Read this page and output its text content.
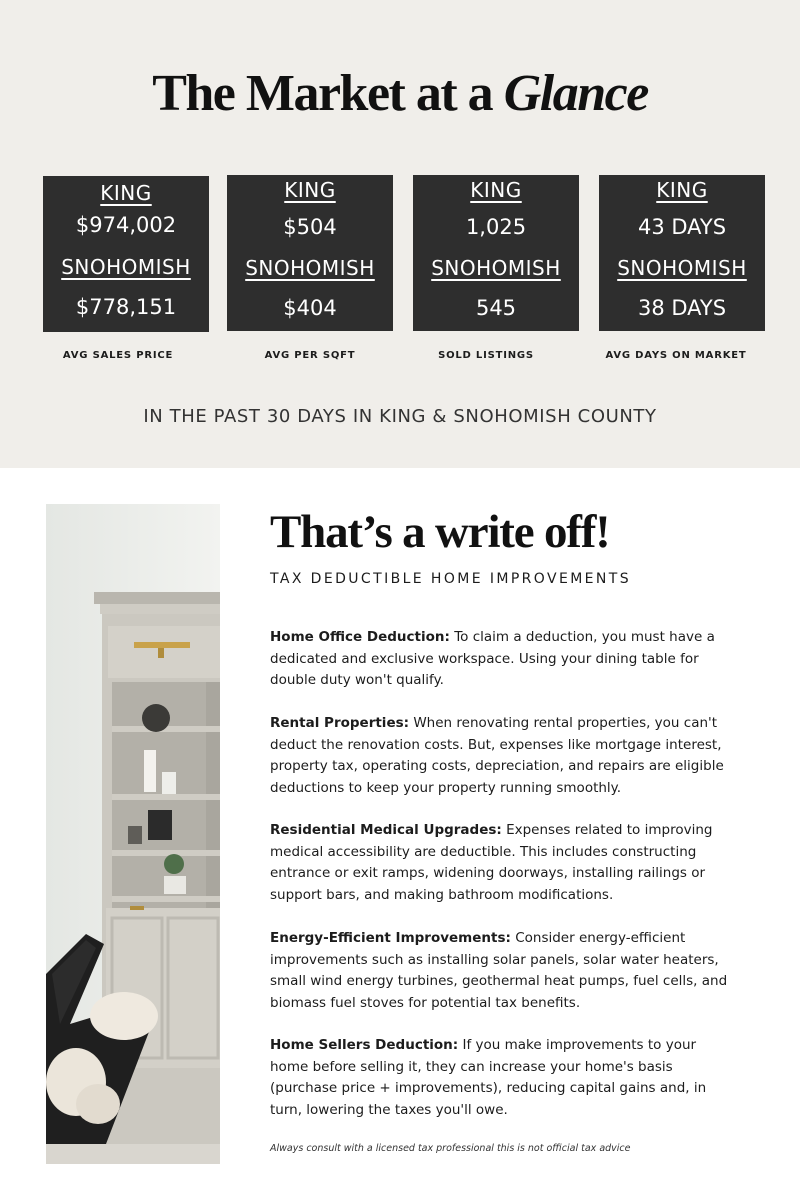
The Market at a Glance
KING
$974,002
SNOHOMISH
$778,151
KING
$504
SNOHOMISH
$404
KING
1,025
SNOHOMISH
545
KING
43 DAYS
SNOHOMISH
38 DAYS
AVG SALES PRICE	AVG PER SQFT	SOLD LISTINGS	AVG DAYS ON MARKET
IN THE PAST 30 DAYS IN KING & SNOHOMISH COUNTY
That’s a write off!
TAX DEDUCTIBLE HOME IMPROVEMENTS

Home Office Deduction: To claim a deduction, you must have a dedicated and exclusive workspace. Using your dining table for double duty won't qualify.

Rental Properties: When renovating rental properties, you can't deduct the renovation costs. But, expenses like mortgage interest, property tax, operating costs, depreciation, and repairs are eligible deductions to keep your property running smoothly.

Residential Medical Upgrades: Expenses related to improving medical accessibility are deductible. This includes constructing entrance or exit ramps, widening doorways, installing railings or support bars, and making bathroom modifications.

Energy-Efficient Improvements: Consider energy-efficient improvements such as installing solar panels, solar water heaters, small wind energy turbines, geothermal heat pumps, fuel cells, and biomass fuel stoves for potential tax benefits.

Home Sellers Deduction: If you make improvements to your home before selling it, they can increase your home's basis (purchase price + improvements), reducing capital gains and, in turn, lowering the taxes you'll owe.

Always consult with a licensed tax professional this is not official tax advice
